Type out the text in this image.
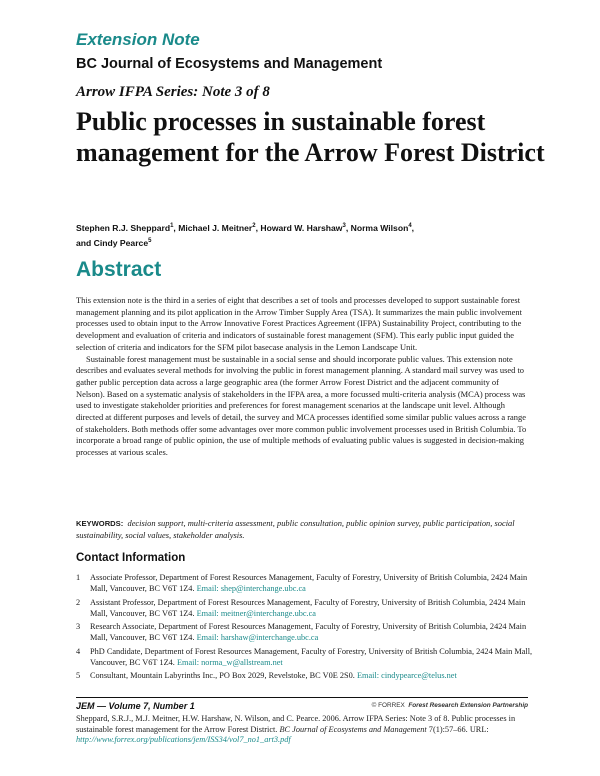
Extension Note
BC Journal of Ecosystems and Management
Arrow IFPA Series: Note 3 of 8
Public processes in sustainable forest management for the Arrow Forest District
Stephen R.J. Sheppard$^1$, Michael J. Meitner$^2$, Howard W. Harshaw$^3$, Norma Wilson$^4$,
and Cindy Pearce$^5$
Abstract

This extension note is the third in a series of eight that describes a set of tools and processes developed to support sustainable forest management planning and its pilot application in the Arrow Timber Supply Area (TSA). It summarizes the main public involvement processes used to obtain input to the Arrow Innovative Forest Practices Agreement (IFPA) Sustainability Project, contributing to the development and evaluation of criteria and indicators of sustainable forest management (SFM). This early public input guided the selection of criteria and indicators for the SFM pilot basecase analysis in the Lemon Landscape Unit.

Sustainable forest management must be sustainable in a social sense and should incorporate public values. This extension note describes and evaluates several methods for involving the public in forest management planning. A standard mail survey was used to gather public perception data across a large geographic area (the former Arrow Forest District and the adjacent community of Nelson). Based on a systematic analysis of stakeholders in the IFPA area, a more focussed multi-criteria analysis (MCA) process was used to investigate stakeholder priorities and preferences for forest management scenarios at the landscape unit level. Although directed at different purposes and levels of detail, the survey and MCA processes identified some similar public values across a range of stakeholders. Both methods offer some advantages over more common public involvement processes used in British Columbia. To incorporate a broad range of public opinion, the use of multiple methods of evaluating public values is suggested in decision-making processes at various scales.

KEYWORDS: decision support, multi-criteria assessment, public consultation, public opinion survey, public participation, social sustainability, social values, stakeholder analysis.
Contact Information
1 Associate Professor, Department of Forest Resources Management, Faculty of Forestry, University of British Columbia, 2424 Main Mall, Vancouver, BC V6T 1Z4. Email: shep@interchange.ubc.ca
2 Assistant Professor, Department of Forest Resources Management, Faculty of Forestry, University of British Columbia, 2424 Main Mall, Vancouver, BC V6T 1Z4. Email: meitner@interchange.ubc.ca
3 Research Associate, Department of Forest Resources Management, Faculty of Forestry, University of British Columbia, 2424 Main Mall, Vancouver, BC V6T 1Z4. Email: harshaw@interchange.ubc.ca
4 PhD Candidate, Department of Forest Resources Management, Faculty of Forestry, University of British Columbia, 2424 Main Mall, Vancouver, BC V6T 1Z4. Email: norma_w@allstream.net
5 Consultant, Mountain Labyrinths Inc., PO Box 2029, Revelstoke, BC V0E 2S0. Email: cindypearce@telus.net
JEM — Volume 7, Number 1	© FORREX Forest Research Extension Partnership
Sheppard, S.R.J., M.J. Meitner, H.W. Harshaw, N. Wilson, and C. Pearce. 2006. Arrow IFPA Series: Note 3 of 8. Public processes in sustainable forest management for the Arrow Forest District. BC Journal of Ecosystems and Management 7(1):57–66. URL: http://www.forrex.org/publications/jem/ISS34/vol7_no1_art3.pdf
